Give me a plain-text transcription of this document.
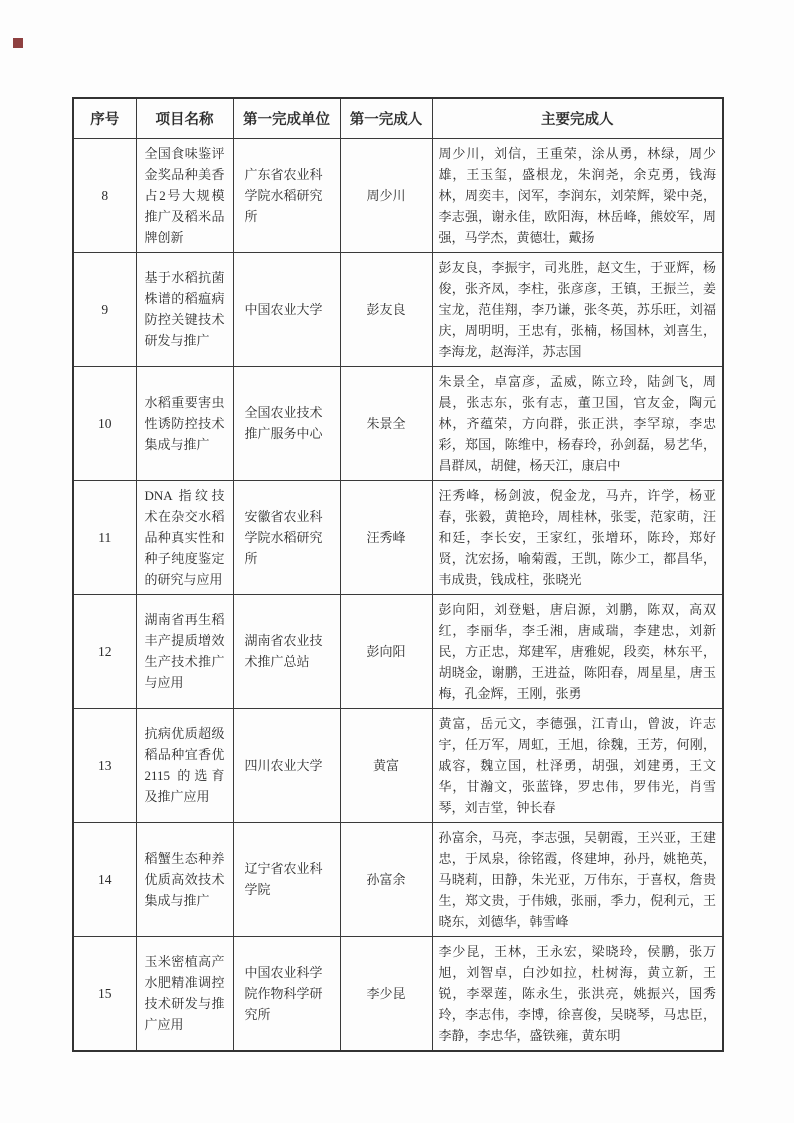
序号	项目名称	第一完成单位	第一完成人	主要完成人
8	全国食味鉴评金奖品种美香占2号大规模推广及稻米品牌创新	广东省农业科学院水稻研究所	周少川	周少川，刘信，王重荣，涂从勇，林绿，周少雄，王玉玺，盛根龙，朱润尧，余克勇，钱海林，周奕丰，闵军，李润东，刘荣辉，梁中尧，李志强，谢永佳，欧阳海，林岳峰，熊姣军，周强，马学杰，黄德壮，戴扬
9	基于水稻抗菌株谱的稻瘟病防控关键技术研发与推广	中国农业大学	彭友良	彭友良，李振宇，司兆胜，赵文生，于亚辉，杨俊，张齐凤，李柱，张彦彦，王镇，王振兰，姜宝龙，范佳翔，李乃谦，张冬英，苏乐旺，刘福庆，周明明，王忠有，张楠，杨国林，刘喜生，李海龙，赵海洋，苏志国
10	水稻重要害虫性诱防控技术集成与推广	全国农业技术推广服务中心	朱景全	朱景全，卓富彦，孟威，陈立玲，陆剑飞，周晨，张志东，张有志，董卫国，官友金，陶元林，齐蕴荣，方向群，张正洪，李罕琼，李忠彩，郑国，陈维中，杨春玲，孙剑磊，易艺华，昌群凤，胡健，杨天江，康启中
11	DNA 指纹技术在杂交水稻品种真实性和种子纯度鉴定的研究与应用	安徽省农业科学院水稻研究所	汪秀峰	汪秀峰，杨剑波，倪金龙，马卉，许学，杨亚春，张毅，黄艳玲，周桂林，张雯，范家萌，汪和廷，李长安，王家红，张增环，陈玲，郑好贤，沈宏扬，喻菊霞，王凯，陈少工，都昌华，韦成贵，钱成柱，张晓光
12	湖南省再生稻丰产提质增效生产技术推广与应用	湖南省农业技术推广总站	彭向阳	彭向阳，刘登魁，唐启源，刘鹏，陈双，高双红，李丽华，李壬湘，唐咸瑞，李建忠，刘新民，方正忠，郑建军，唐雅妮，段奕，林东平，胡晓金，谢鹏，王进益，陈阳春，周星星，唐玉梅，孔金辉，王刚，张勇
13	抗病优质超级稻品种宜香优2115 的选育及推广应用	四川农业大学	黄富	黄富，岳元文，李德强，江青山，曾波，许志宇，任万军，周虹，王旭，徐魏，王芳，何刚，戚容，魏立国，杜泽勇，胡强，刘建勇，王文华，甘瀚文，张蓝锋，罗忠伟，罗伟光，肖雪琴，刘吉堂，钟长春
14	稻蟹生态种养优质高效技术集成与推广	辽宁省农业科学院	孙富余	孙富余，马亮，李志强，吴朝霞，王兴亚，王建忠，于凤泉，徐铭霞，佟建坤，孙丹，姚艳英，马晓莉，田静，朱光亚，万伟东，于喜权，詹贵生，郑文贵，于伟娥，张丽，季力，倪利元，王晓东，刘德华，韩雪峰
15	玉米密植高产水肥精准调控技术研发与推广应用	中国农业科学院作物科学研究所	李少昆	李少昆，王林，王永宏，梁晓玲，侯鹏，张万旭，刘智卓，白沙如拉，杜树海，黄立新，王锐，李翠莲，陈永生，张洪亮，姚振兴，国秀玲，李志伟，李博，徐喜俊，吴晓琴，马忠臣，李静，李忠华，盛铁雍，黄东明
